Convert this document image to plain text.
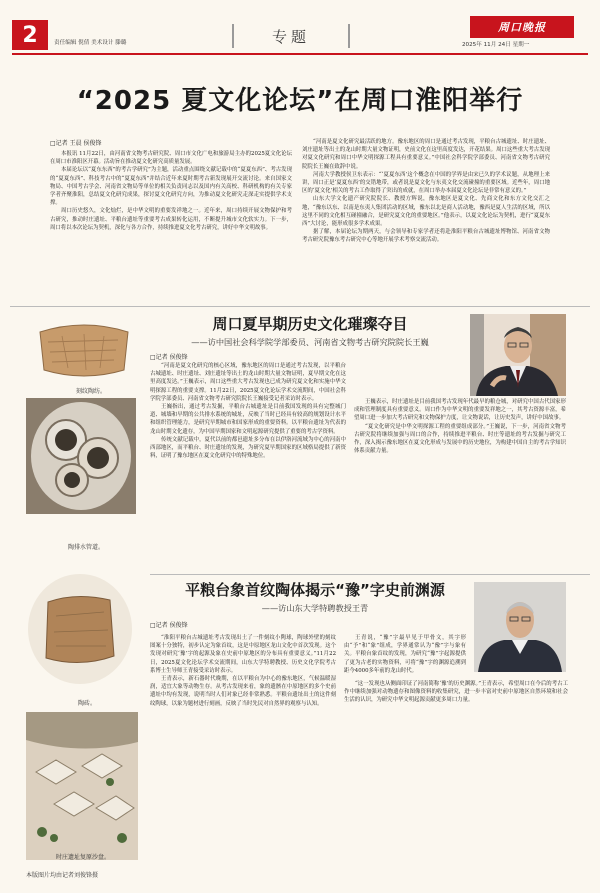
2	责任编辑 倪倩 美术设计 滕璐	专题	周口晚报
2025年 11月 24日 星期一
“2025 夏文化论坛”在周口淮阳举行
□记者 王晨 侯俊锋

本报讯 11月22日，由河南省文物考古研究院、周口市文化广电和旅游局主办的2025夏文化论坛在周口市淮阳区开幕。活动旨在推动夏文化研究高质量发展。

本届论坛以“夏东东西”的考古学研究”为主题，活动重点围绕文献记载中的“夏夏东西”、考古发现的“夏夏东西”、科技考古中的“夏夏东西”并结合近年来夏时期考古新发现展开交流讨论。来自国家文物局、中国考古学会、河南省文物局等单位的相关负责同志以及国内有关高校、科研机构的有关专家学者齐聚淮阳，总结夏文化研究成果，探讨夏文化研究方向，为推动夏文化研究走深走实提供学术支撑。

周口历史悠久，文化灿烂，是中华文明的重要发祥地之一。近年来，周口持续开展文物保护和考古研究，推动时庄遗址、平粮台遗址等重要考古成果转化运用，不断提升城市文化软实力。下一步，周口将以本次论坛为契机，深化与各方合作，持续推进夏文化考古研究，讲好中华文明故事。

“河南是夏文化研究最活跃的地方。豫东地区的周口是通过考古发现，平粮台古城遗址、时庄遗址、刘庄遗址等出土的龙山时期大量文物证明，史前文化在这里高度发达，开花结果。周口这些重大考古发现对夏文化研究和周口中华文明探源工程具有重要意义。”中国社会科学院学部委员、河南省文物考古研究院院长王巍在致辞中说。

河南大学教授侯卫东表示：“‘夏夏东西’这个概念在中国的学界是由宋已久的学术议题，从地理上来讲，周口正是‘夏夏东西’的交错地带，或者说是夏文化与东夷文化交流碰撞的重要区域。近些年，周口地区的‘夏文化’相关的考古工作取得了突出的成就，在周口举办本届夏文化论坛是非常有意义的。”

山东大学文化遗产研究院院长、教授方辉说，豫东地区是夏文化、先商文化和东方文化交汇之地，“豫东以东、以南是东夷人集团活动的区域，豫东以北是商人活动地，豫西是夏人生活的区域，所以这里不同的文化相互碰撞融合，是研究夏文化的重要地区。”他表示，以夏文化论坛为契机，进行“夏夏东西”大讨论，能形成很多学术成果。

据了解，本届论坛为期两天，与会领导和专家学者还将赴淮阳平粮台古城遗址博物馆、河南省文物考古研究院豫东考古研究中心等地开展学术考察交流活动。

周口夏早期历史文化璀璨夺目
——访中国社会科学院学部委员、河南省文物考古研究院院长王巍
刻纹陶纺。
陶排水管道。
□记者 侯俊锋

“河南是夏文化研究的核心区域，豫东地区的周口是通过考古发现，以平粮台古城遗址、时庄遗址、刘庄遗址等出土的龙山时期大量文物证明，夏早期文化在这里高度发达。”王巍表示，周口这些重大考古发现也已成为研究夏文化和实施中华文明探源工程的重要支撑。11月22日，2025夏文化论坛学术交流期间，中国社会科学院学部委员、河南省文物考古研究院院长王巍接受记者采访时表示。

王巍指出，通过考古发掘，平粮台古城遗址是目前我国发现的具有完整城门道、城墙和早期的公共排水系统的城址，反映了当时已经具有较高的规划设计水平和组织管理能力，是研究早期城市和国家形成的重要资料。以平粮台遗址为代表的龙山时期文化遗存，为中国早期国家和文明起源研究提供了重要的考古学资料。

传统文献记载中，夏代以前的都邑遗址多分布在以伊洛河流域为中心的河南中西部地区，而平粮台、时庄遗址的发现，为研究夏早期国家的区域格局提供了新资料，证明了豫东地区在夏文化研究中的特殊地位。

王巍表示，时庄遗址是目前我国考古发现年代最早的粮仓城，对研究中国古代国家形成和管理制度具有重要意义。周口作为中华文明的重要发祥地之一，其考古资源丰富，希望周口进一步加大考古研究和文物保护力度，让文物说话，让历史发声，讲好中国故事。

“夏文化研究是中华文明探源工程的重要组成部分。”王巍说，下一步，河南省文物考古研究院将继续加强与周口的合作，持续推进平粮台、时庄等遗址的考古发掘与研究工作，深入揭示豫东地区在夏文化形成与发展中的历史地位，为构建中国自主的考古学知识体系贡献力量。

平粮台象首纹陶体揭示“豫”字史前渊源
——访山东大学特聘教授王青
陶砖。
时庄遗址复原沙盘。
本版图片均由记者刘俊锋摄
□记者 侯俊锋

“淮阳平粮台古城遗址考古发现出土了一件刻纹小陶球，陶球外壁的刻纹图案十分独特，初步认定为象首纹，这是中原地区龙山文化中首次发现。这个发现对研究‘豫’字的起源及象在史前中原地区的分布具有重要意义。”11月22日，2025夏文化论坛学术交流期间，山东大学特聘教授、历史文化学院考古系博士生导师王青接受采访时表示。

王青表示，新石器时代晚期，在以平粮台为中心的豫东地区，气候温暖湿润，适宜大象等动物生存。从考古发现来看，象的遗骸在中原地区的多个史前遗址中均有发现，说明当时人们对象已经非常熟悉。平粮台遗址出土的这件刻纹陶球，以象为题材进行刻画，反映了当时先民对自然界的观察与认知。

王青说，“豫”字最早见于甲骨文，其字形由“予”和“象”组成，学界通常认为“豫”字与象有关。平粮台象首纹的发现，为研究“豫”字起源提供了更为古老的实物资料，可将“豫”字的渊源追溯到距今4000多年前的龙山时代。

“这一发现也从侧面印证了河南简称‘豫’的历史渊源。”王青表示，希望周口在今后的考古工作中继续加强对动物遗存和图像资料的收集研究，进一步丰富对史前中原地区自然环境和社会生活的认识，为研究中华文明起源贡献更多周口力量。
